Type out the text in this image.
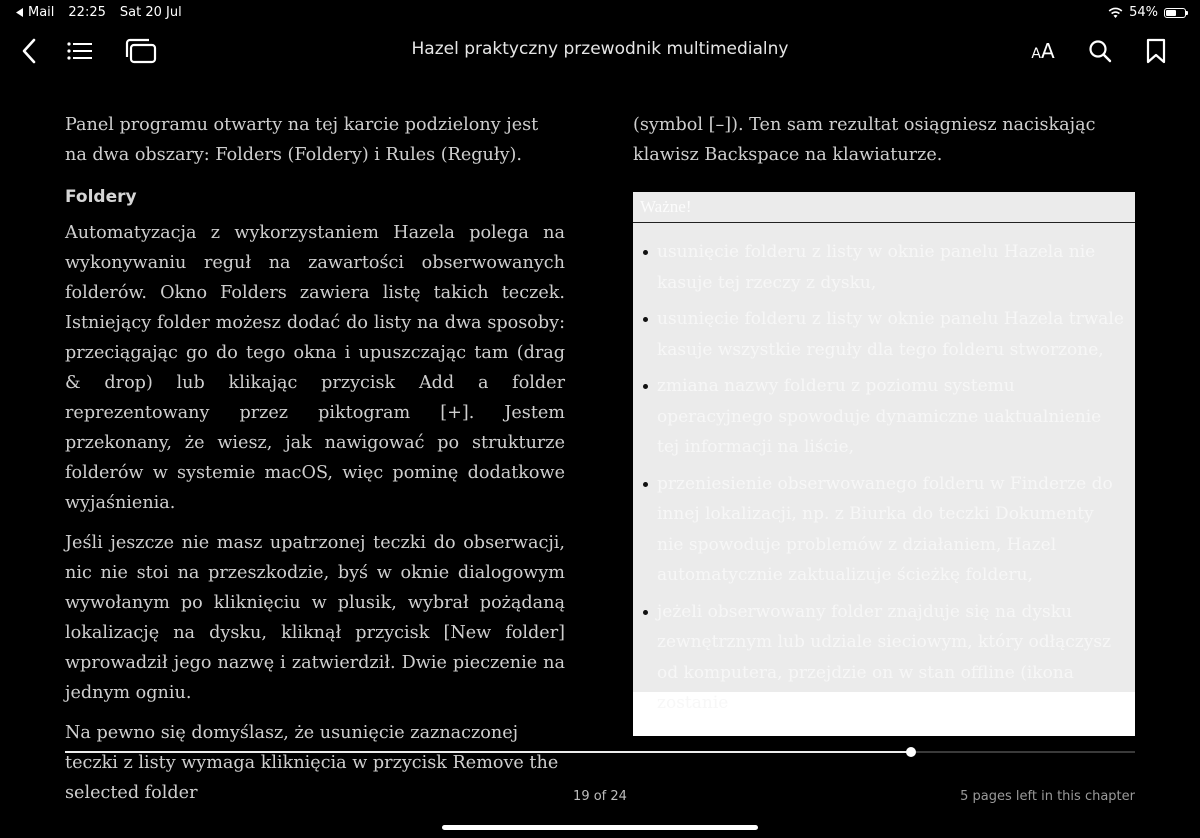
Mail 22:25 Sat 20 Jul	54%
Hazel praktyczny przewodnik multimedialny	AA

Panel programu otwarty na tej karcie podzielony jest na dwa obszary: Folders (Foldery) i Rules (Reguły).

Foldery

Automatyzacja z wykorzystaniem Hazela polega na wykonywaniu reguł na zawartości obserwowanych folderów. Okno Folders zawiera listę takich teczek. Istniejący folder możesz dodać do listy na dwa sposoby: przeciągając go do tego okna i upuszczając tam (drag & drop) lub klikając przycisk Add a folder reprezentowany przez piktogram [+]. Jestem przekonany, że wiesz, jak nawigować po strukturze folderów w systemie macOS, więc pominę dodatkowe wyjaśnienia.

Jeśli jeszcze nie masz upatrzonej teczki do obserwacji, nic nie stoi na przeszkodzie, byś w oknie dialogowym wywołanym po kliknięciu w plusik, wybrał pożądaną lokalizację na dysku, kliknął przycisk [New folder] wprowadził jego nazwę i zatwierdził. Dwie pieczenie na jednym ogniu.

Na pewno się domyślasz, że usunięcie zaznaczonej teczki z listy wymaga kliknięcia w przycisk Remove the selected folder

(symbol [–]). Ten sam rezultat osiągniesz naciskając klawisz Backspace na klawiaturze.

Ważne!
usunięcie folderu z listy w oknie panelu Hazela nie kasuje tej rzeczy z dysku,
usunięcie folderu z listy w oknie panelu Hazela trwale kasuje wszystkie reguły dla tego folderu stworzone,
zmiana nazwy folderu z poziomu systemu operacyjnego spowoduje dynamiczne uaktualnienie tej informacji na liście,
przeniesienie obserwowanego folderu w Finderze do innej lokalizacji, np. z Biurka do teczki Dokumenty nie spowoduje problemów z działaniem, Hazel automatycznie zaktualizuje ścieżkę folderu,
jeżeli obserwowany folder znajduje się na dysku zewnętrznym lub udziale sieciowym, który odłączysz od komputera, przejdzie on w stan offline (ikona zostanie
19 of 24	5 pages left in this chapter
